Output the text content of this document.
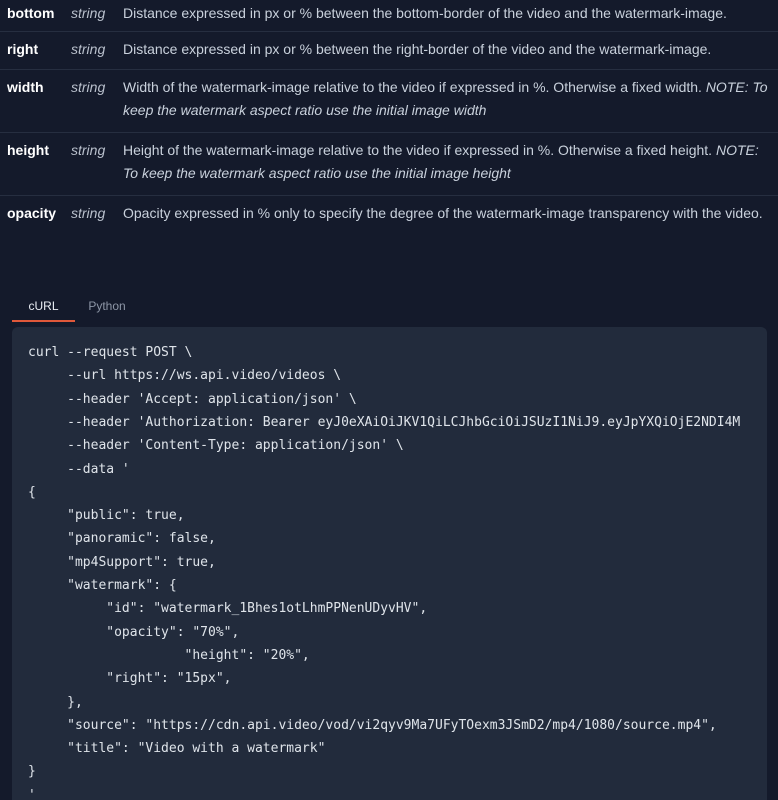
bottom	string	Distance expressed in px or % between the bottom-border of the video and the watermark-image.
right	string	Distance expressed in px or % between the right-border of the video and the watermark-image.
width	string	Width of the watermark-image relative to the video if expressed in %. Otherwise a fixed width. NOTE: To keep the watermark aspect ratio use the initial image width
height	string	Height of the watermark-image relative to the video if expressed in %. Otherwise a fixed height. NOTE: To keep the watermark aspect ratio use the initial image height
opacity	string	Opacity expressed in % only to specify the degree of the watermark-image transparency with the video.
cURL	Python
curl --request POST \
--url https://ws.api.video/videos \
--header 'Accept: application/json' \
--header 'Authorization: Bearer eyJ0eXAiOiJKV1QiLCJhbGciOiJSUzI1NiJ9.eyJpYXQiOjE2NDI4M
--header 'Content-Type: application/json' \
--data '
{
"public": true,
"panoramic": false,
"mp4Support": true,
"watermark": {
"id": "watermark_1Bhes1otLhmPPNenUDyvHV",
"opacity": "70%",
"height": "20%",
"right": "15px",
},
"source": "https://cdn.api.video/vod/vi2qyv9Ma7UFyTOexm3JSmD2/mp4/1080/source.mp4",
"title": "Video with a watermark"
}
'
